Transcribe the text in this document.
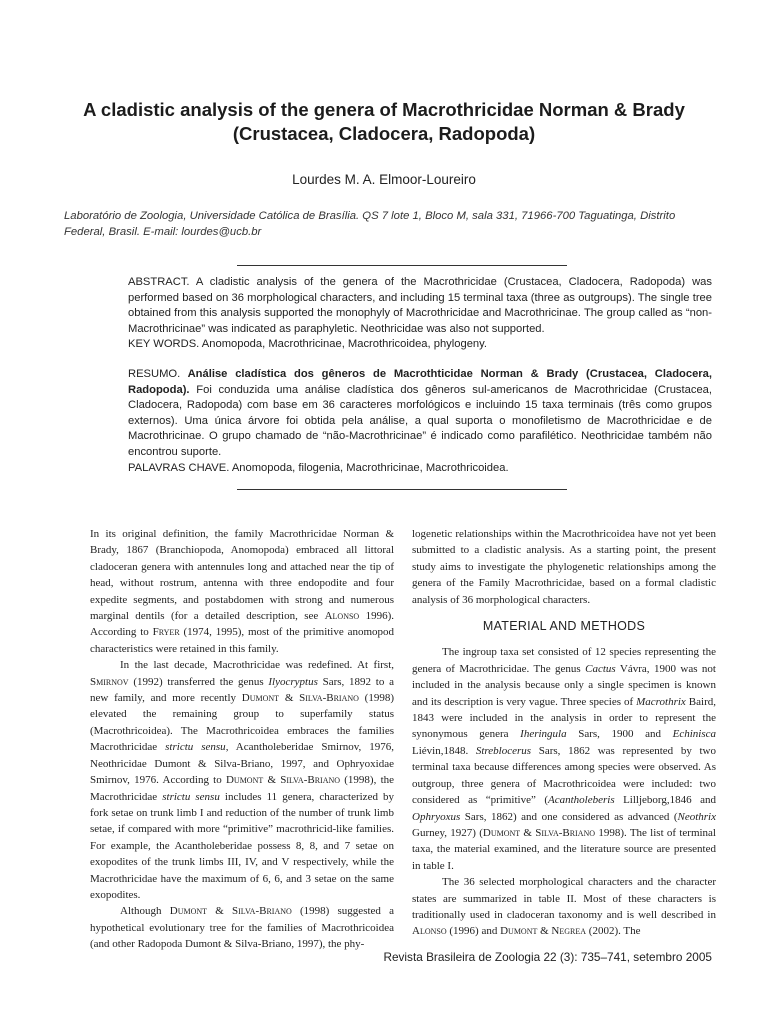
A cladistic analysis of the genera of Macrothricidae Norman & Brady
(Crustacea, Cladocera, Radopoda)
Lourdes M. A. Elmoor-Loureiro
Laboratório de Zoologia, Universidade Católica de Brasília. QS 7 lote 1, Bloco M, sala 331, 71966-700 Taguatinga, Distrito
Federal, Brasil. E-mail: lourdes@ucb.br

ABSTRACT. A cladistic analysis of the genera of the Macrothricidae (Crustacea, Cladocera, Radopoda) was performed based on 36 morphological characters, and including 15 terminal taxa (three as outgroups). The single tree obtained from this analysis supported the monophyly of Macrothricidae and Macrothricinae. The group called as “non-Macrothricinae” was indicated as paraphyletic. Neothricidae was also not supported.

KEY WORDS. Anomopoda, Macrothricinae, Macrothricoidea, phylogeny.

RESUMO. Análise cladística dos gêneros de Macrothticidae Norman & Brady (Crustacea, Cladocera, Radopoda). Foi conduzida uma análise cladística dos gêneros sul-americanos de Macrothricidae (Crustacea, Cladocera, Radopoda) com base em 36 caracteres morfológicos e incluindo 15 taxa terminais (três como grupos externos). Uma única árvore foi obtida pela análise, a qual suporta o monofiletismo de Macrothricidae e de Macrothricinae. O grupo chamado de “não-Macrothricinae” é indicado como parafilético. Neothricidae também não encontrou suporte.

PALAVRAS CHAVE. Anomopoda, filogenia, Macrothricinae, Macrothricoidea.

In its original definition, the family Macrothricidae Norman & Brady, 1867 (Branchiopoda, Anomopoda) embraced all littoral cladoceran genera with antennules long and attached near the tip of head, without rostrum, antenna with three endopodite and four expedite segments, and postabdomen with strong and numerous marginal dentils (for a detailed description, see Alonso 1996). According to Fryer (1974, 1995), most of the primitive anomopod characteristics were retained in this family.

In the last decade, Macrothricidae was redefined. At first, Smirnov (1992) transferred the genus Ilyocryptus Sars, 1892 to a new family, and more recently Dumont & Silva-Briano (1998) elevated the remaining group to superfamily status (Macrothricoidea). The Macrothricoidea embraces the families Macrothricidae strictu sensu, Acantholeberidae Smirnov, 1976, Neothricidae Dumont & Silva-Briano, 1997, and Ophryoxidae Smirnov, 1976. According to Dumont & Silva-Briano (1998), the Macrothricidae strictu sensu includes 11 genera, characterized by fork setae on trunk limb I and reduction of the number of trunk limb setae, if compared with more “primitive” macrothricid-like families. For example, the Acantholeberidae possess 8, 8, and 7 setae on exopodites of the trunk limbs III, IV, and V respectively, while the Macrothricidae have the maximum of 6, 6, and 3 setae on the same exopodites.

Although Dumont & Silva-Briano (1998) suggested a hypothetical evolutionary tree for the families of Macrothricoidea (and other Radopoda Dumont & Silva-Briano, 1997), the phy-

logenetic relationships within the Macrothricoidea have not yet been submitted to a cladistic analysis. As a starting point, the present study aims to investigate the phylogenetic relationships among the genera of the Family Macrothricidae, based on a formal cladistic analysis of 36 morphological characters.

MATERIAL AND METHODS

The ingroup taxa set consisted of 12 species representing the genera of Macrothricidae. The genus Cactus Vávra, 1900 was not included in the analysis because only a single specimen is known and its description is very vague. Three species of Macrothrix Baird, 1843 were included in the analysis in order to represent the synonymous genera Iheringula Sars, 1900 and Echinisca Liévin,1848. Streblocerus Sars, 1862 was represented by two terminal taxa because differences among species were observed. As outgroup, three genera of Macrothricoidea were included: two considered as “primitive” (Acantholeberis Lilljeborg,1846 and Ophryoxus Sars, 1862) and one considered as advanced (Neothrix Gurney, 1927) (Dumont & Silva-Briano 1998). The list of terminal taxa, the material examined, and the literature source are presented in table I.

The 36 selected morphological characters and the character states are summarized in table II. Most of these characters is traditionally used in cladoceran taxonomy and is well described in Alonso (1996) and Dumont & Negrea (2002). The

Revista Brasileira de Zoologia 22 (3): 735–741, setembro 2005
